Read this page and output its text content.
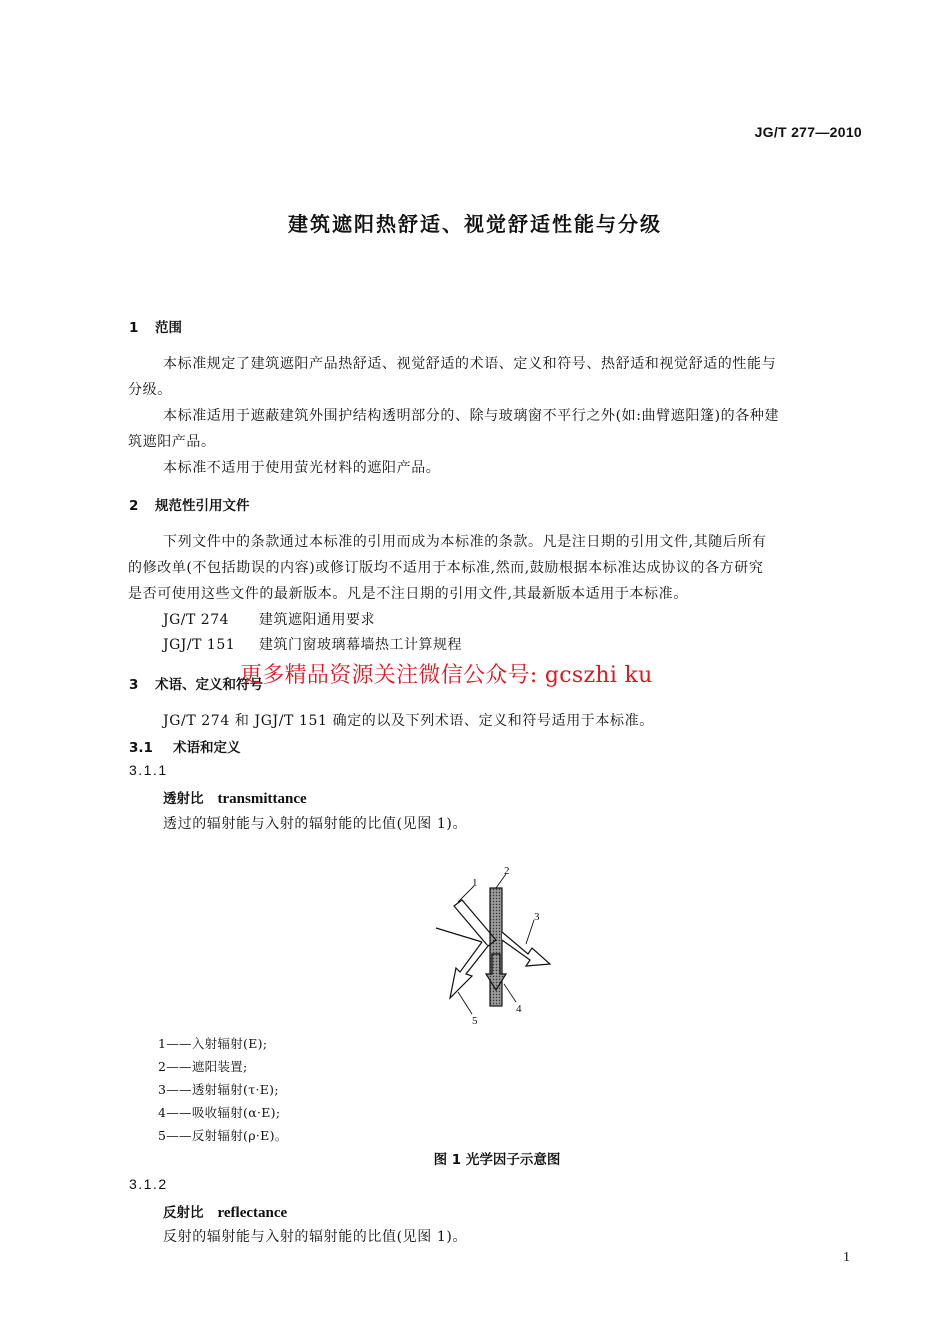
JG/T 277—2010
建筑遮阳热舒适、视觉舒适性能与分级
1 范围

本标准规定了建筑遮阳产品热舒适、视觉舒适的术语、定义和符号、热舒适和视觉舒适的性能与

分级。

本标准适用于遮蔽建筑外围护结构透明部分的、除与玻璃窗不平行之外(如:曲臂遮阳篷)的各种建

筑遮阳产品。

本标准不适用于使用萤光材料的遮阳产品。

2 规范性引用文件

下列文件中的条款通过本标准的引用而成为本标准的条款。凡是注日期的引用文件,其随后所有

的修改单(不包括勘误的内容)或修订版均不适用于本标准,然而,鼓励根据本标准达成协议的各方研究

是否可使用这些文件的最新版本。凡是不注日期的引用文件,其最新版本适用于本标准。

JG/T 274 建筑遮阳通用要求
JGJ/T 151 建筑门窗玻璃幕墙热工计算规程
3 术语、定义和符号
更多精品资源关注微信公众号: gcszhi ku

JG/T 274 和 JGJ/T 151 确定的以及下列术语、定义和符号适用于本标准。

3.1 术语和定义
3.1.1
透射比 transmittance

透过的辐射能与入射的辐射能的比值(见图 1)。

1
2
3
4
5
1——入射辐射(E);
2——遮阳装置;
3——透射辐射(τ·E);
4——吸收辐射(α·E);
5——反射辐射(ρ·E)。
图 1 光学因子示意图
3.1.2
反射比 reflectance

反射的辐射能与入射的辐射能的比值(见图 1)。

1
